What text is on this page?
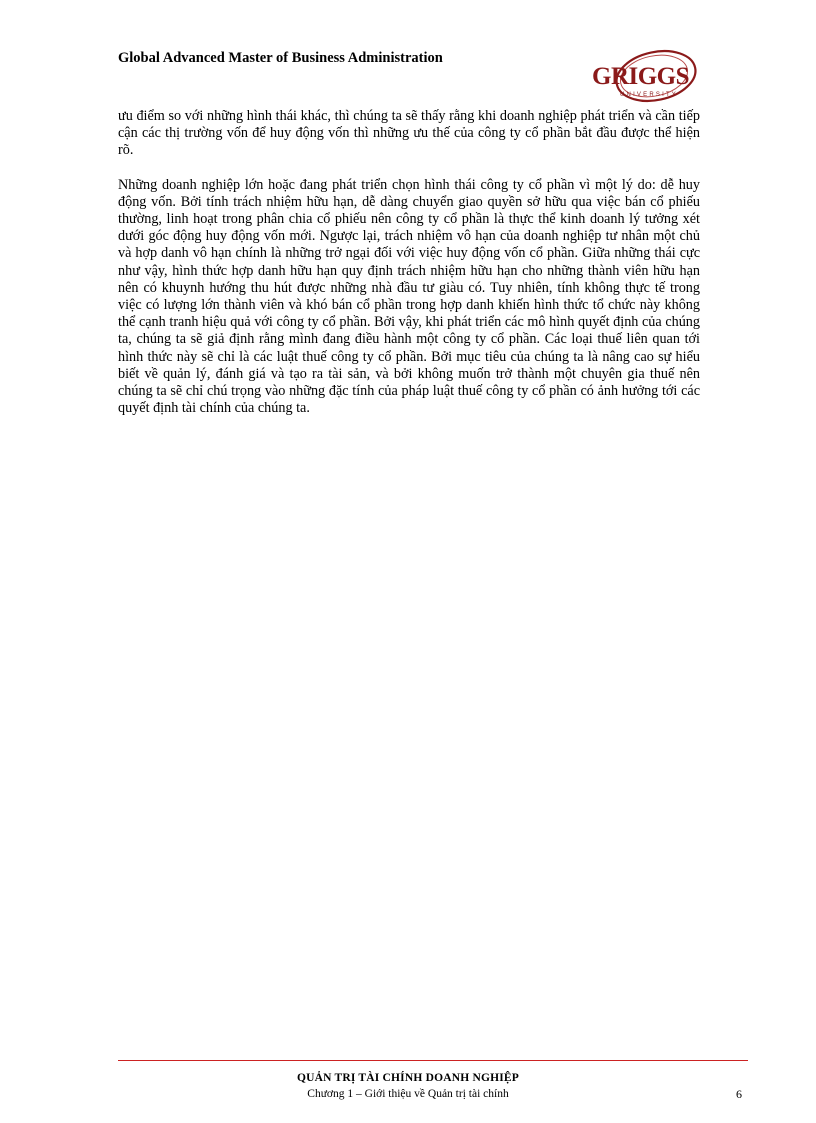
Global Advanced Master of Business Administration
GRIGGS
UNIVERSITY

ưu điểm so với những hình thái khác, thì chúng ta sẽ thấy rằng khi doanh nghiệp phát triển và cần tiếp cận các thị trường vốn để huy động vốn thì những ưu thế của công ty cổ phần bắt đầu được thể hiện rõ.

Những doanh nghiệp lớn hoặc đang phát triển chọn hình thái công ty cổ phần vì một lý do: dễ huy động vốn. Bởi tính trách nhiệm hữu hạn, dễ dàng chuyển giao quyền sở hữu qua việc bán cổ phiếu thường, linh hoạt trong phân chia cổ phiếu nên công ty cổ phần là thực thể kinh doanh lý tưởng xét dưới góc động huy động vốn mới. Ngược lại, trách nhiệm vô hạn của doanh nghiệp tư nhân một chủ và hợp danh vô hạn chính là những trở ngại đối với việc huy động vốn cổ phần. Giữa những thái cực như vậy, hình thức hợp danh hữu hạn quy định trách nhiệm hữu hạn cho những thành viên hữu hạn nên có khuynh hướng thu hút được những nhà đầu tư giàu có. Tuy nhiên, tính không thực tế trong việc có lượng lớn thành viên và khó bán cổ phần trong hợp danh khiến hình thức tổ chức này không thể cạnh tranh hiệu quả với công ty cổ phần. Bởi vậy, khi phát triển các mô hình quyết định của chúng ta, chúng ta sẽ giả định rằng mình đang điều hành một công ty cổ phần. Các loại thuế liên quan tới hình thức này sẽ chỉ là các luật thuế công ty cổ phần. Bởi mục tiêu của chúng ta là nâng cao sự hiểu biết về quản lý, đánh giá và tạo ra tài sản, và bởi không muốn trở thành một chuyên gia thuế nên chúng ta sẽ chỉ chú trọng vào những đặc tính của pháp luật thuế công ty cổ phần có ảnh hưởng tới các quyết định tài chính của chúng ta.

QUẢN TRỊ TÀI CHÍNH DOANH NGHIỆP
Chương 1 – Giới thiệu về Quản trị tài chính	6
